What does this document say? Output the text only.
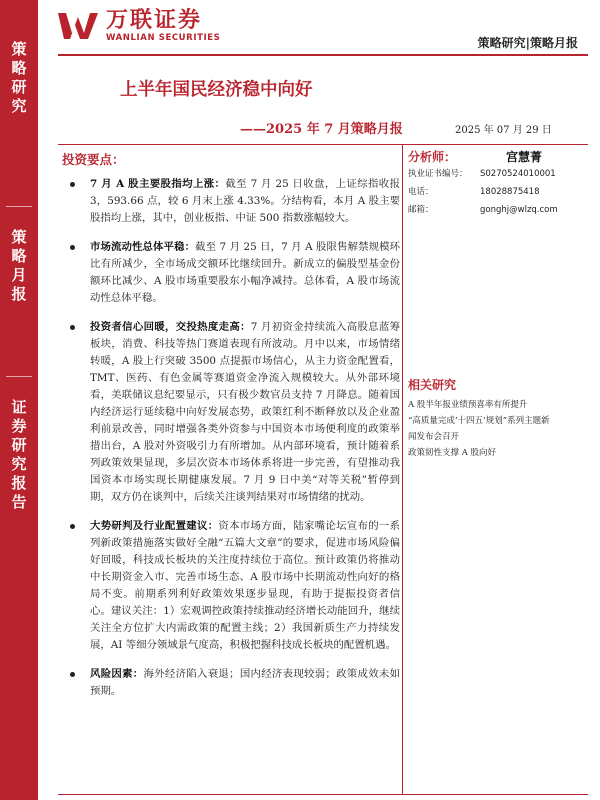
策
略
研
究
策
略
月
报
证
券
研
究
报
告
万联证券
WANLIAN SECURITIES	策略研究|策略月报
上半年国民经济稳中向好
——2025 年 7 月策略月报	2025 年 07 月 29 日
投资要点：
7 月 A 股主要股指均上涨：截至 7 月 25 日收盘，上证综指收报 3，593.66 点，较 6 月末上涨 4.33%。分结构看，本月 A 股主要股指均上涨，其中，创业板指、中证 500 指数涨幅较大。
市场流动性总体平稳：截至 7 月 25 日，7 月 A 股限售解禁规模环比有所减少，全市场成交额环比继续回升。新成立的偏股型基金份额环比减少、A 股市场重要股东小幅净减持。总体看，A 股市场流动性总体平稳。
投资者信心回暖，交投热度走高：7 月初资金持续流入高股息蓝筹板块，消费、科技等热门赛道表现有所波动。月中以来，市场情绪转暖，A 股上行突破 3500 点提振市场信心，从主力资金配置看，TMT、医药、有色金属等赛道资金净流入规模较大。从外部环境看，美联储议息纪要显示，只有极少数官员支持 7 月降息。随着国内经济运行延续稳中向好发展态势，政策红利不断释放以及企业盈利前景改善，同时增强各类外资参与中国资本市场便利度的政策举措出台，A 股对外资吸引力有所增加。从内部环境看，预计随着系列政策效果显现，多层次资本市场体系将进一步完善，有望推动我国资本市场实现长期健康发展。7 月 9 日中美“对等关税”暂停到期，双方仍在谈判中，后续关注谈判结果对市场情绪的扰动。
大势研判及行业配置建议：资本市场方面，陆家嘴论坛宣布的一系列新政策措施落实做好全融“五篇大文章”的要求，促进市场风险偏好回暖，科技成长板块的关注度持续位于高位。预计政策仍将推动中长期资金入市、完善市场生态、A 股市场中长期流动性向好的格局不变。前期系列利好政策效果逐步显现，有助于提振投资者信心。建议关注：1）宏观调控政策持续推动经济增长动能回升，继续关注全方位扩大内需政策的配置主线；2）我国新质生产力持续发展，AI 等细分领域景气度高，积极把握科技成长板块的配置机遇。
风险因素：海外经济陷入衰退；国内经济表现较弱；政策成效未如预期。
分析师：	宫慧菁
执业证书编号：	S0270524010001
电话：	18028875418
邮箱：	gonghj@wlzq.com
相关研究
A 股半年报业绩预喜率有所提升
“高质量完成‘十四五’规划”系列主题新
闻发布会召开
政策韧性支撑 A 股向好
